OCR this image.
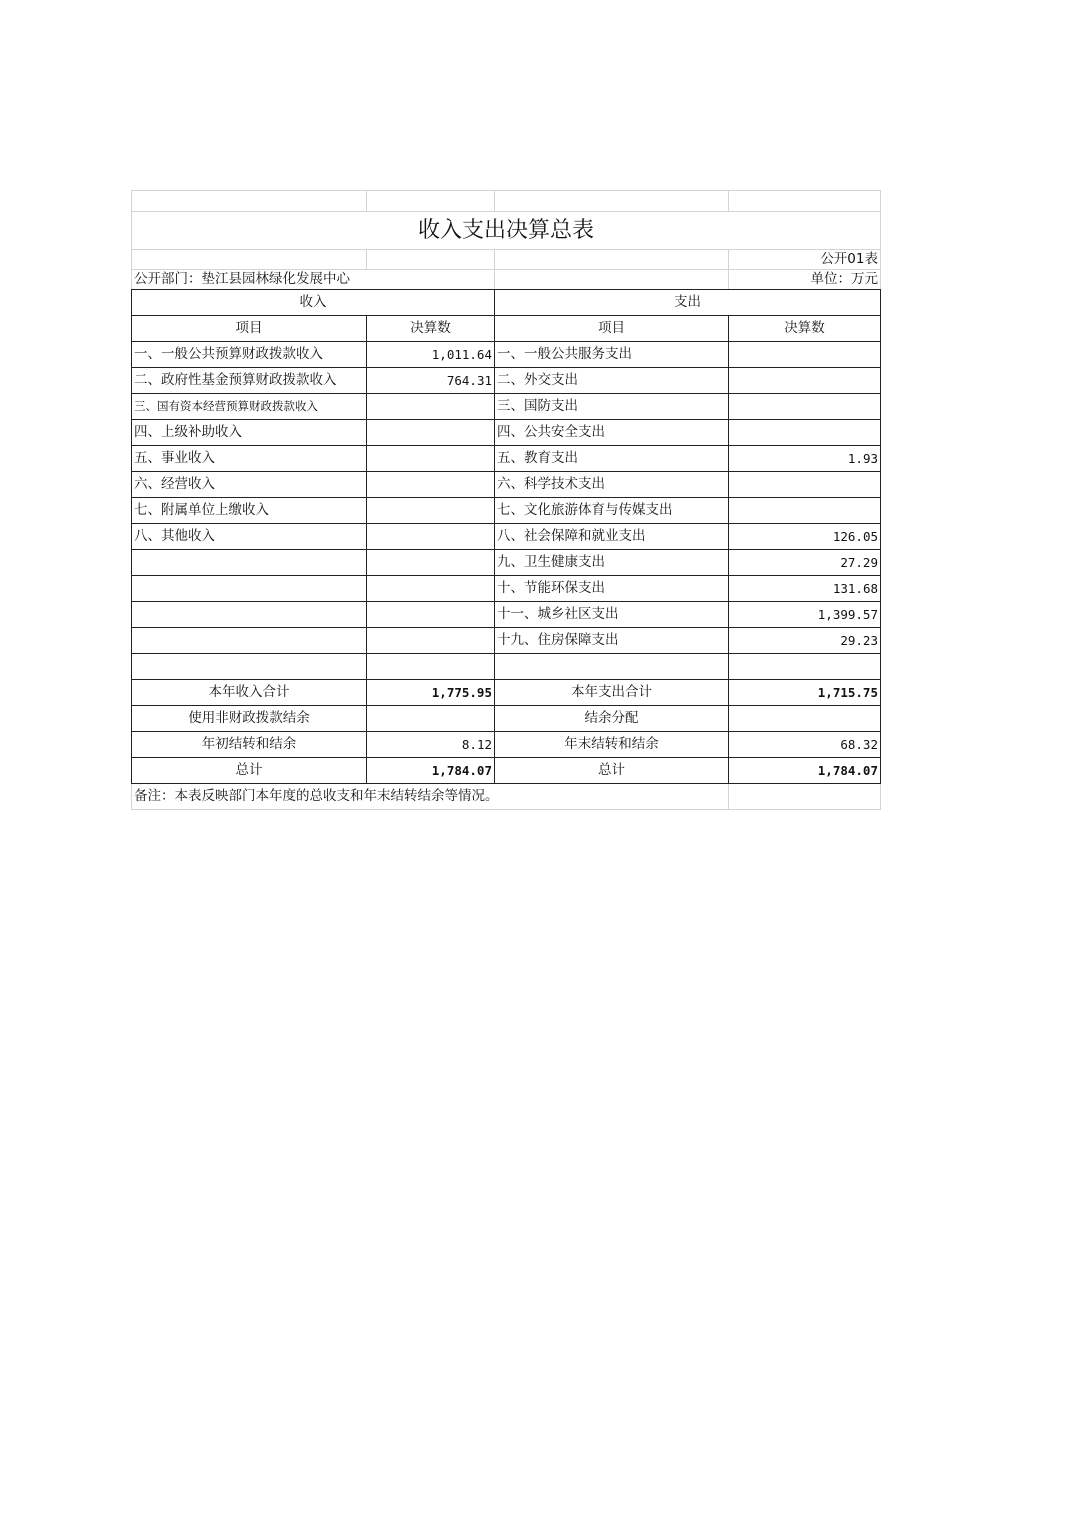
收入支出决算总表			
			公开01表
公开部门：垫江县园林绿化发展中心			单位：万元
收入		支出	
项目	决算数	项目	决算数
一、一般公共预算财政拨款收入	1,011.64	一、一般公共服务支出	
二、政府性基金预算财政拨款收入	764.31	二、外交支出	
三、国有资本经营预算财政拨款收入		三、国防支出	
四、上级补助收入		四、公共安全支出	
五、事业收入		五、教育支出	1.93
六、经营收入		六、科学技术支出	
七、附属单位上缴收入		七、文化旅游体育与传媒支出	
八、其他收入		八、社会保障和就业支出	126.05
		九、卫生健康支出	27.29
		十、节能环保支出	131.68
		十一、城乡社区支出	1,399.57
		十九、住房保障支出	29.23

本年收入合计	1,775.95	本年支出合计	1,715.75
使用非财政拨款结余		结余分配	
年初结转和结余	8.12	年末结转和结余	68.32
总计	1,784.07	总计	1,784.07
备注：本表反映部门本年度的总收支和年末结转结余等情况。			
